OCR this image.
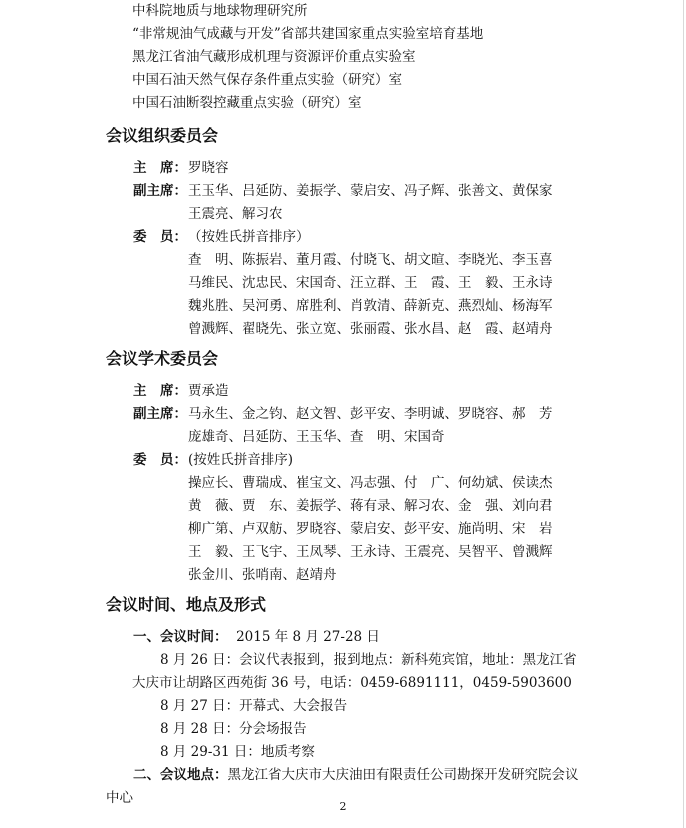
中科院地质与地球物理研究所
“非常规油气成藏与开发”省部共建国家重点实验室培育基地
黑龙江省油气藏形成机理与资源评价重点实验室
中国石油天然气保存条件重点实验（研究）室
中国石油断裂控藏重点实验（研究）室
会议组织委员会
主　席：罗晓容
副主席：王玉华、吕延防、姜振学、蒙启安、冯子辉、张善文、黄保家
王震亮、解习农
委　员：（按姓氏拼音排序）
查　明、陈振岩、董月霞、付晓飞、胡文暄、李晓光、李玉喜
马维民、沈忠民、宋国奇、汪立群、王　霞、王　毅、王永诗
魏兆胜、吴河勇、席胜利、肖敦清、薛新克、燕烈灿、杨海军
曾溅辉、翟晓先、张立宽、张丽霞、张水昌、赵　霞、赵靖舟
会议学术委员会
主　席：贾承造
副主席：马永生、金之钧、赵文智、彭平安、李明诚、罗晓容、郝　芳
庞雄奇、吕延防、王玉华、查　明、宋国奇
委　员：(按姓氏拼音排序)
操应长、曹瑞成、崔宝文、冯志强、付　广、何幼斌、侯读杰
黄　薇、贾　东、姜振学、蒋有录、解习农、金　强、刘向君
柳广第、卢双舫、罗晓容、蒙启安、彭平安、施尚明、宋　岩
王　毅、王飞宇、王凤琴、王永诗、王震亮、吴智平、曾溅辉
张金川、张哨南、赵靖舟
会议时间、地点及形式
一、会议时间： 2015 年 8 月 27-28 日
8 月 26 日：会议代表报到，报到地点：新科苑宾馆，地址：黑龙江省
大庆市让胡路区西苑街 36 号，电话：0459-6891111，0459-5903600
8 月 27 日：开幕式、大会报告
8 月 28 日：分会场报告
8 月 29-31 日：地质考察
二、会议地点：黑龙江省大庆市大庆油田有限责任公司勘探开发研究院会议
中心
2
